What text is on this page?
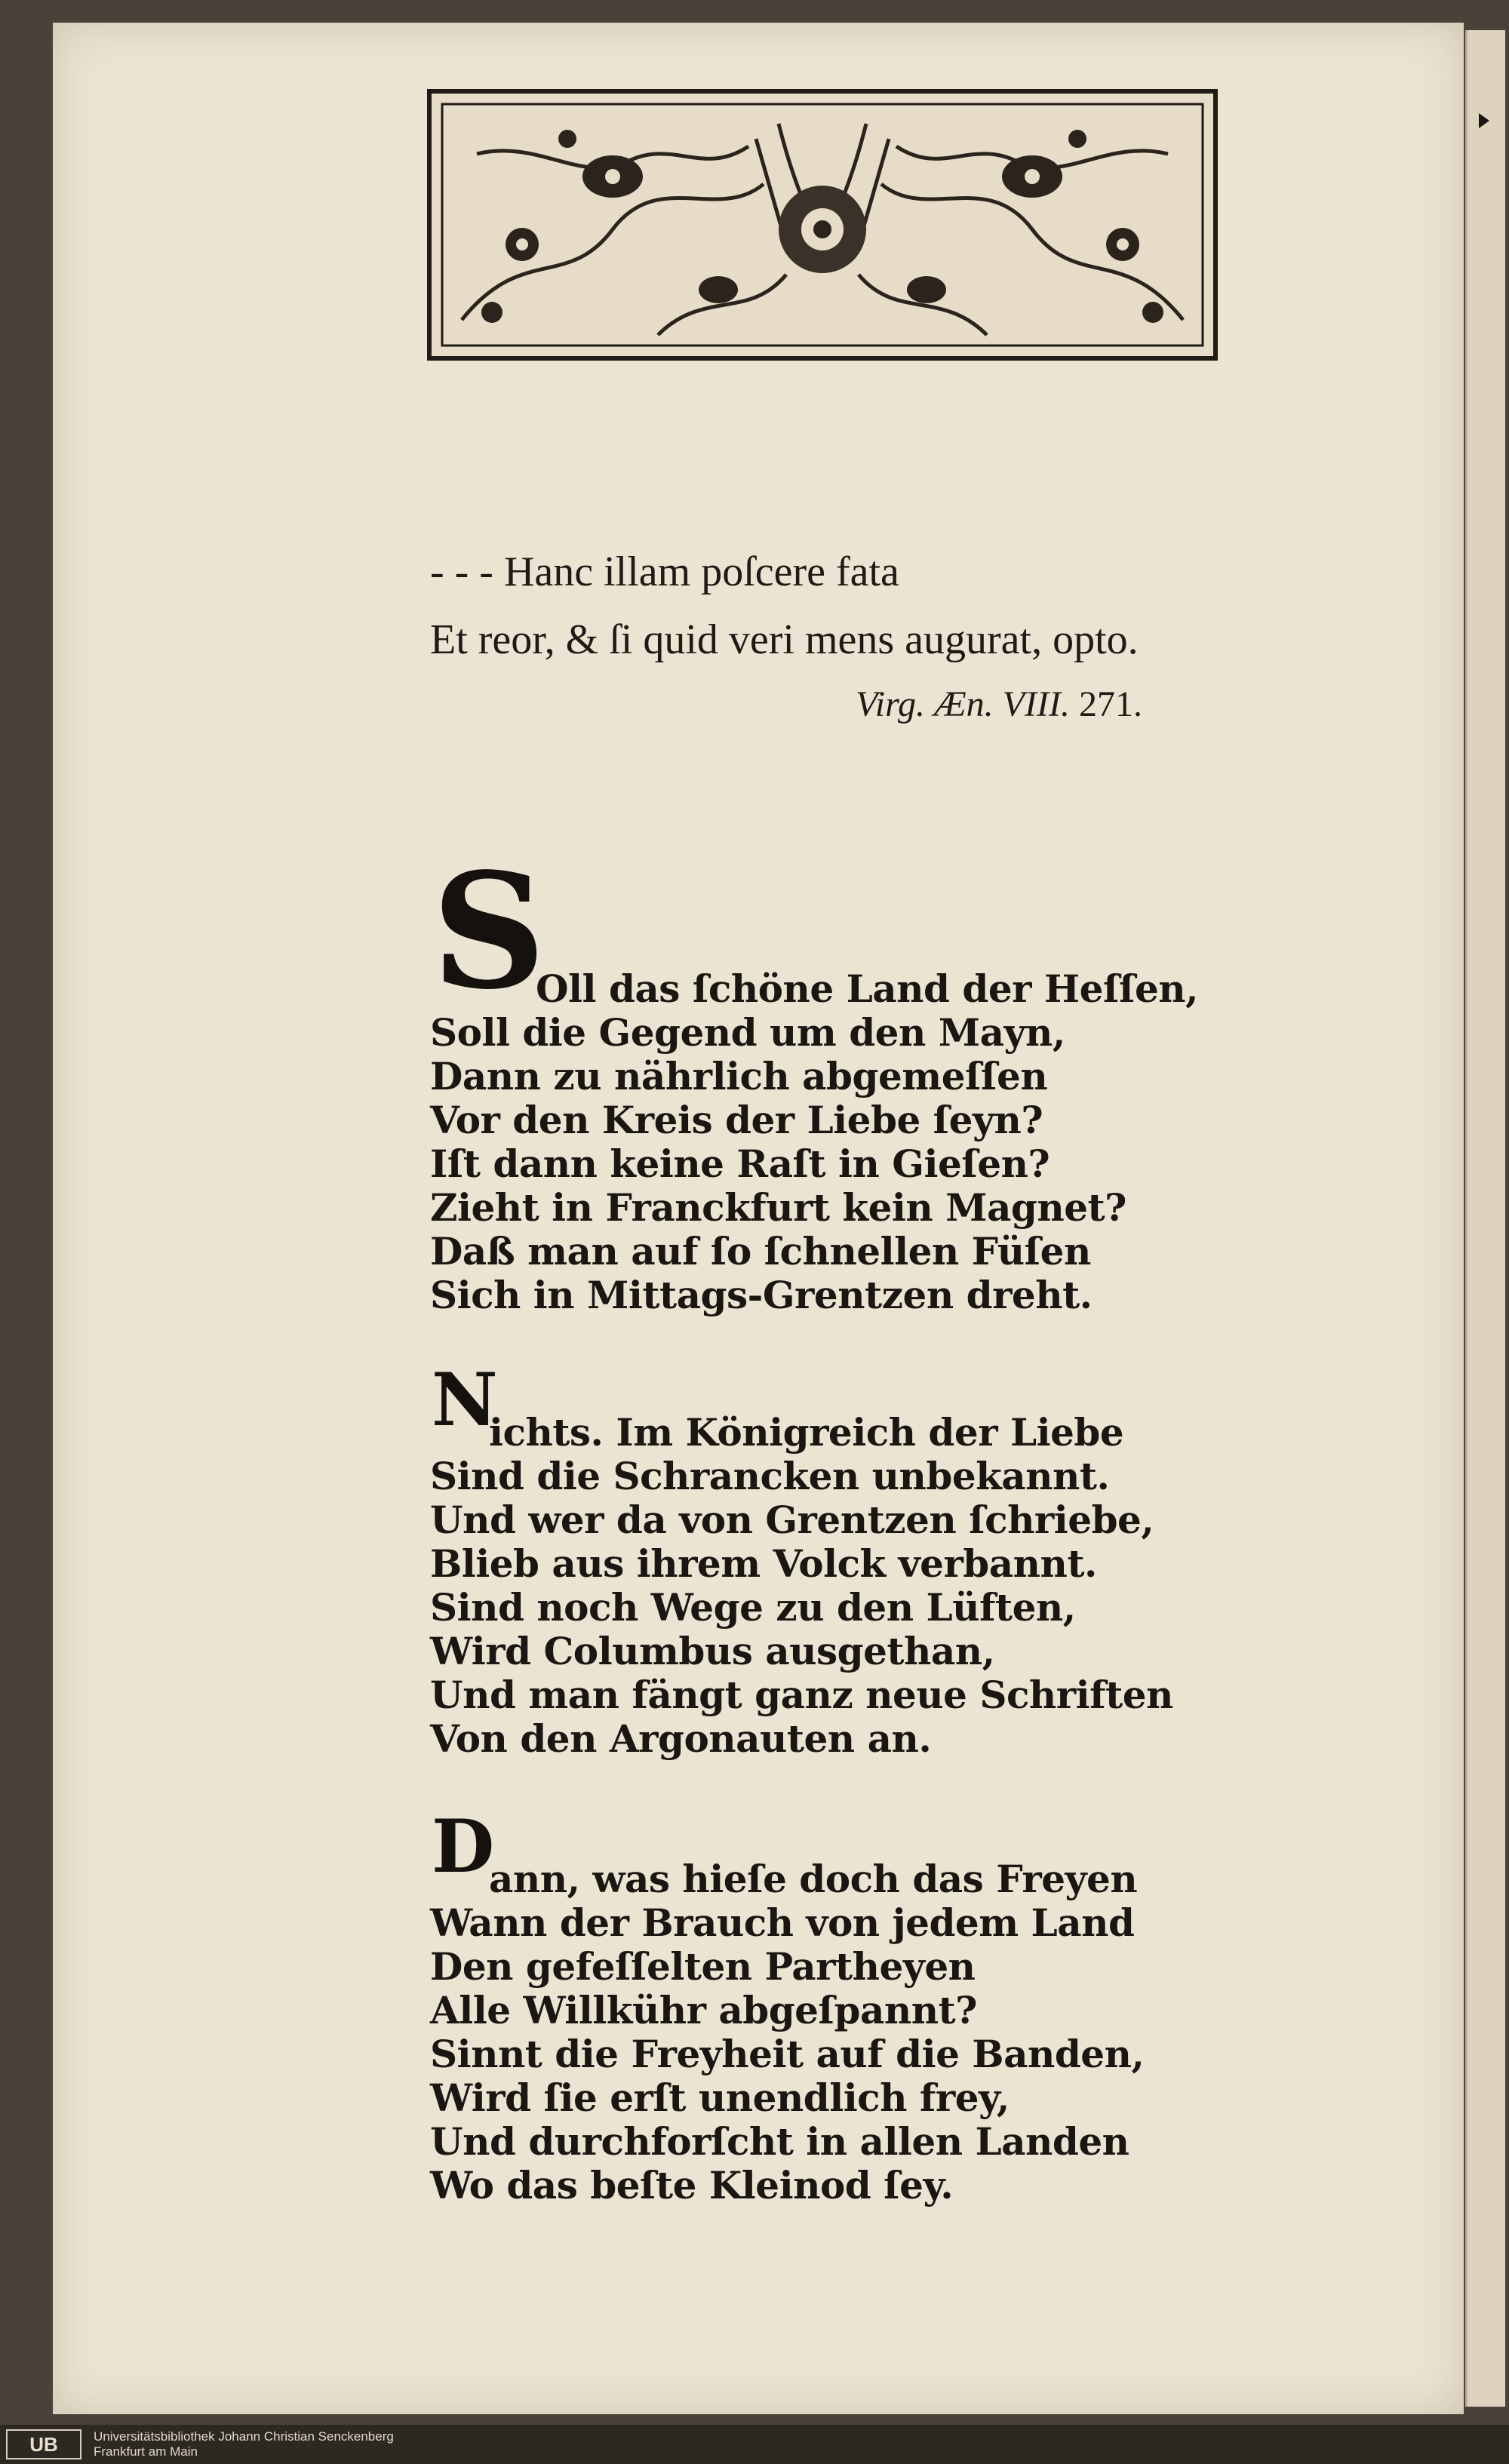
- - - Hanc illam poſcere fata
Et reor, & ſi quid veri mens augurat, opto.
Virg. Æn. VIII. 271.
S
Oll das ſchöne Land der Heſſen,
Soll die Gegend um den Mayn,
Dann zu nährlich abgemeſſen
Vor den Kreis der Liebe ſeyn?
Iſt dann keine Raſt in Gieſen?
Zieht in Franckfurt kein Magnet?
Daß man auf ſo ſchnellen Füſen
Sich in Mittags-Grentzen dreht.
N
ichts. Im Königreich der Liebe
Sind die Schrancken unbekannt.
Und wer da von Grentzen ſchriebe,
Blieb aus ihrem Volck verbannt.
Sind noch Wege zu den Lüften,
Wird Columbus ausgethan,
Und man fängt ganz neue Schriften
Von den Argonauten an.
D
ann, was hieſe doch das Freyen
Wann der Brauch von jedem Land
Den gefeſſelten Partheyen
Alle Willkühr abgeſpannt?
Sinnt die Freyheit auf die Banden,
Wird ſie erſt unendlich frey,
Und durchforſcht in allen Landen
Wo das beſte Kleinod ſey.
UB	Universitätsbibliothek Johann Christian Senckenberg
Frankfurt am Main
